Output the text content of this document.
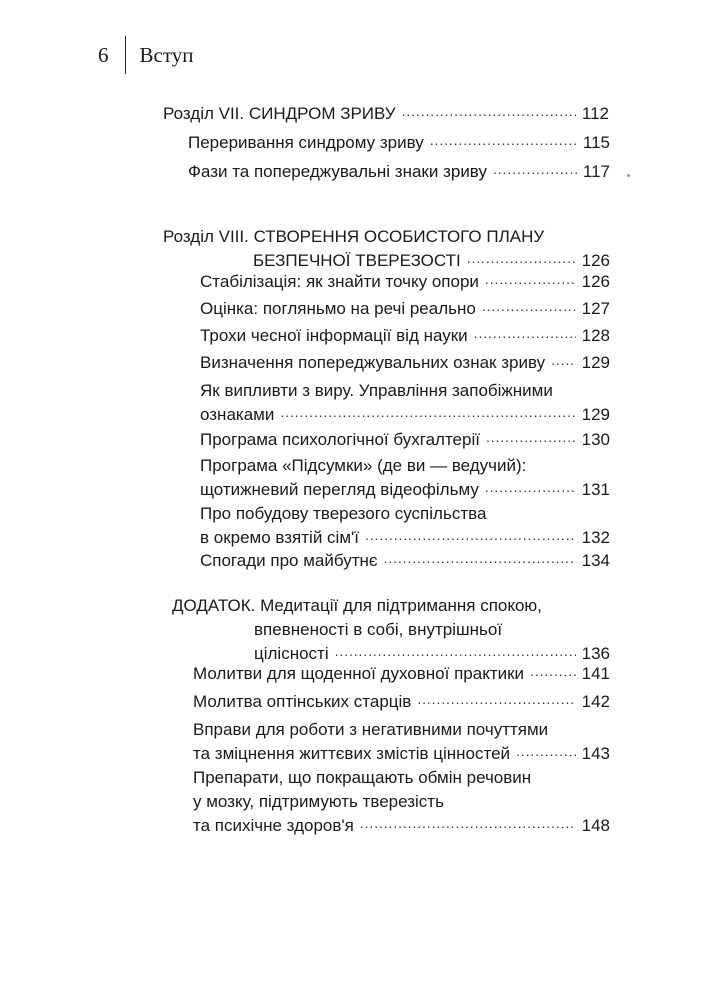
6 Вступ
Розділ VII. СИНДРОМ ЗРИВУ . . .	112
Переривання синдрому зриву . . .	115
Фази та попереджувальні знаки зриву . . .	117
Розділ VIII. СТВОРЕННЯ ОСОБИСТОГО ПЛАНУ
БЕЗПЕЧНОЇ ТВЕРЕЗОСТІ . . .	126
Стабілізація: як знайти точку опори . . .	126
Оцінка: погляньмо на речі реально . . .	127
Трохи чесної інформації від науки . . .	128
Визначення попереджувальних ознак зриву . . . 129
Як випливти з виру. Управління запобіжними
ознаками . . .	129
Програма психологічної бухгалтерії . . .	130
Програма «Підсумки» (де ви — ведучий):
щотижневий перегляд відеофільму . . .	131
Про побудову тверезого суспільства
в окремо взятій сім'ї . . .	132
Спогади про майбутнє . . .	134
ДОДАТОК. Медитації для підтримання спокою,
впевненості в собі, внутрішньої
цілісності . . .	136
Молитви для щоденної духовної практики . . .	141
Молитва оптінських старців . . .	142
Вправи для роботи з негативними почуттями
та зміцнення життєвих змістів цінностей . . .	143
Препарати, що покращають обмін речовин
у мозку, підтримують тверезість
та психічне здоров'я . . .	148
